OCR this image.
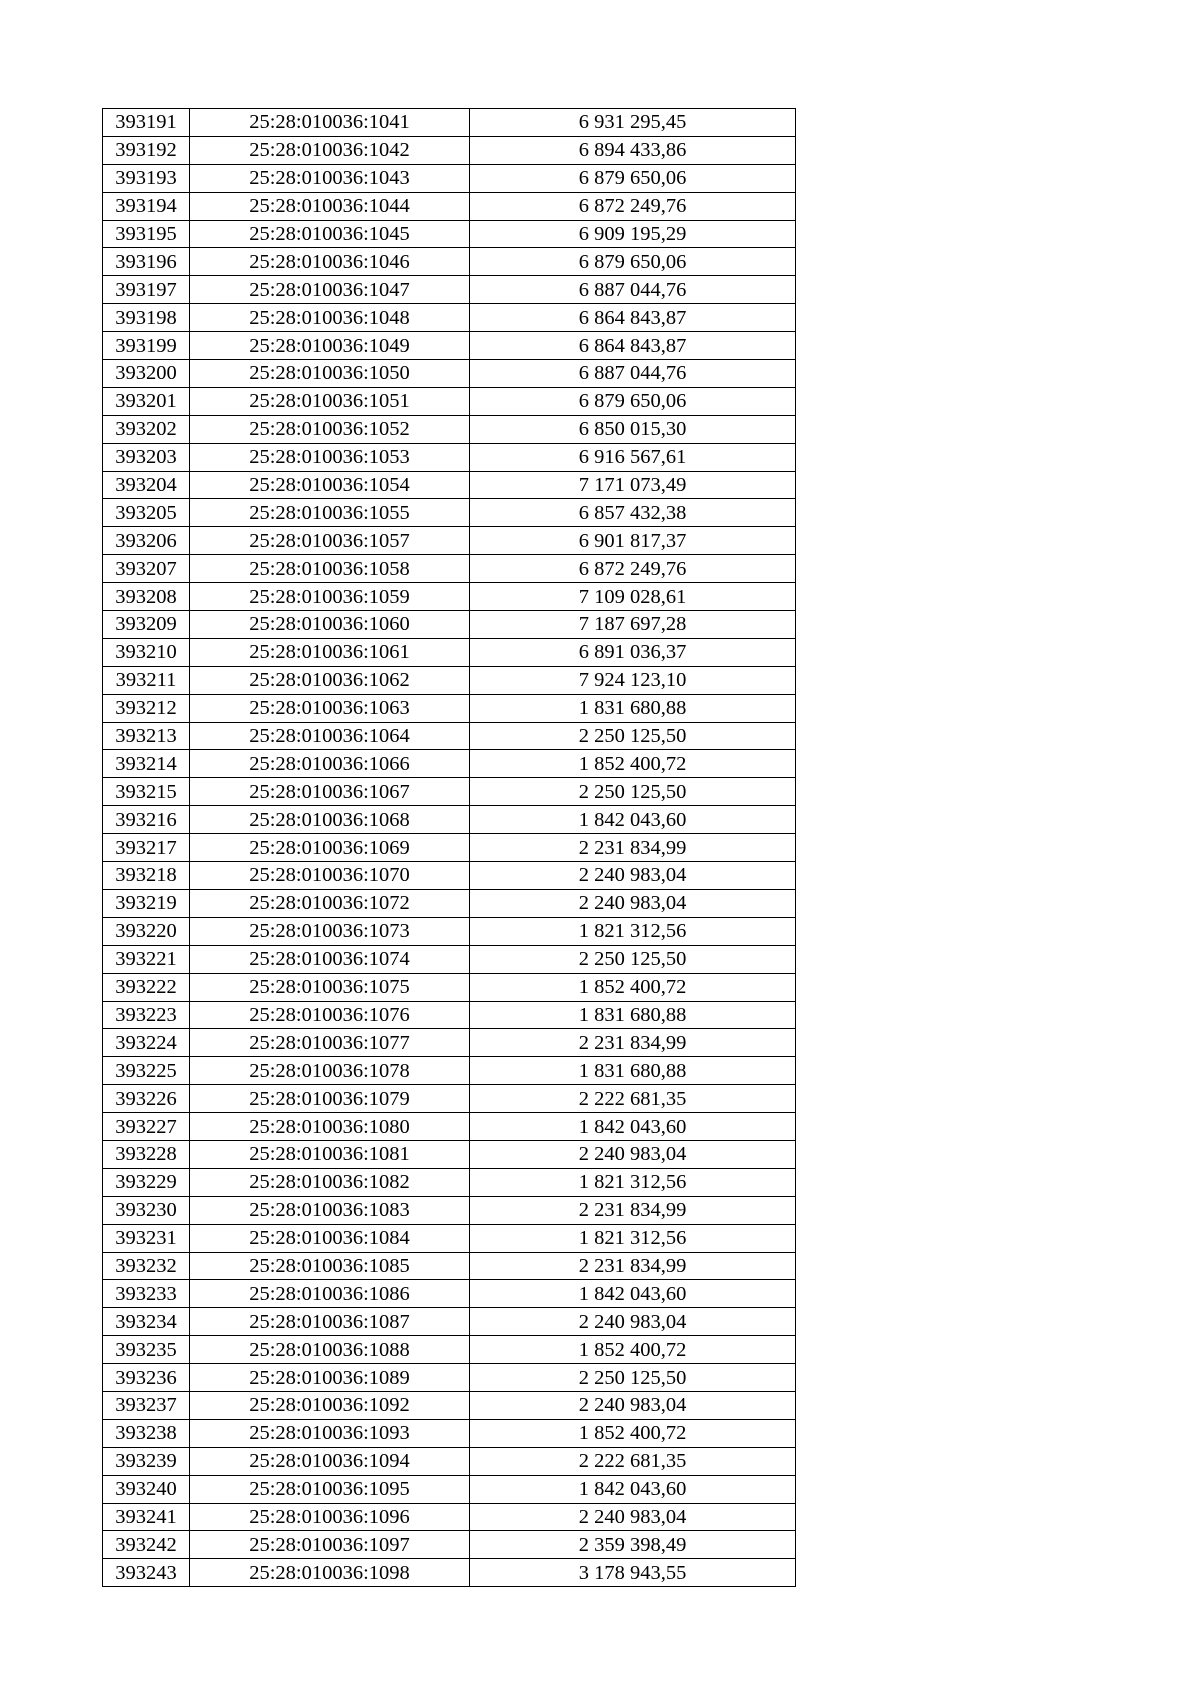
393191	25:28:010036:1041	6 931 295,45
393192	25:28:010036:1042	6 894 433,86
393193	25:28:010036:1043	6 879 650,06
393194	25:28:010036:1044	6 872 249,76
393195	25:28:010036:1045	6 909 195,29
393196	25:28:010036:1046	6 879 650,06
393197	25:28:010036:1047	6 887 044,76
393198	25:28:010036:1048	6 864 843,87
393199	25:28:010036:1049	6 864 843,87
393200	25:28:010036:1050	6 887 044,76
393201	25:28:010036:1051	6 879 650,06
393202	25:28:010036:1052	6 850 015,30
393203	25:28:010036:1053	6 916 567,61
393204	25:28:010036:1054	7 171 073,49
393205	25:28:010036:1055	6 857 432,38
393206	25:28:010036:1057	6 901 817,37
393207	25:28:010036:1058	6 872 249,76
393208	25:28:010036:1059	7 109 028,61
393209	25:28:010036:1060	7 187 697,28
393210	25:28:010036:1061	6 891 036,37
393211	25:28:010036:1062	7 924 123,10
393212	25:28:010036:1063	1 831 680,88
393213	25:28:010036:1064	2 250 125,50
393214	25:28:010036:1066	1 852 400,72
393215	25:28:010036:1067	2 250 125,50
393216	25:28:010036:1068	1 842 043,60
393217	25:28:010036:1069	2 231 834,99
393218	25:28:010036:1070	2 240 983,04
393219	25:28:010036:1072	2 240 983,04
393220	25:28:010036:1073	1 821 312,56
393221	25:28:010036:1074	2 250 125,50
393222	25:28:010036:1075	1 852 400,72
393223	25:28:010036:1076	1 831 680,88
393224	25:28:010036:1077	2 231 834,99
393225	25:28:010036:1078	1 831 680,88
393226	25:28:010036:1079	2 222 681,35
393227	25:28:010036:1080	1 842 043,60
393228	25:28:010036:1081	2 240 983,04
393229	25:28:010036:1082	1 821 312,56
393230	25:28:010036:1083	2 231 834,99
393231	25:28:010036:1084	1 821 312,56
393232	25:28:010036:1085	2 231 834,99
393233	25:28:010036:1086	1 842 043,60
393234	25:28:010036:1087	2 240 983,04
393235	25:28:010036:1088	1 852 400,72
393236	25:28:010036:1089	2 250 125,50
393237	25:28:010036:1092	2 240 983,04
393238	25:28:010036:1093	1 852 400,72
393239	25:28:010036:1094	2 222 681,35
393240	25:28:010036:1095	1 842 043,60
393241	25:28:010036:1096	2 240 983,04
393242	25:28:010036:1097	2 359 398,49
393243	25:28:010036:1098	3 178 943,55
